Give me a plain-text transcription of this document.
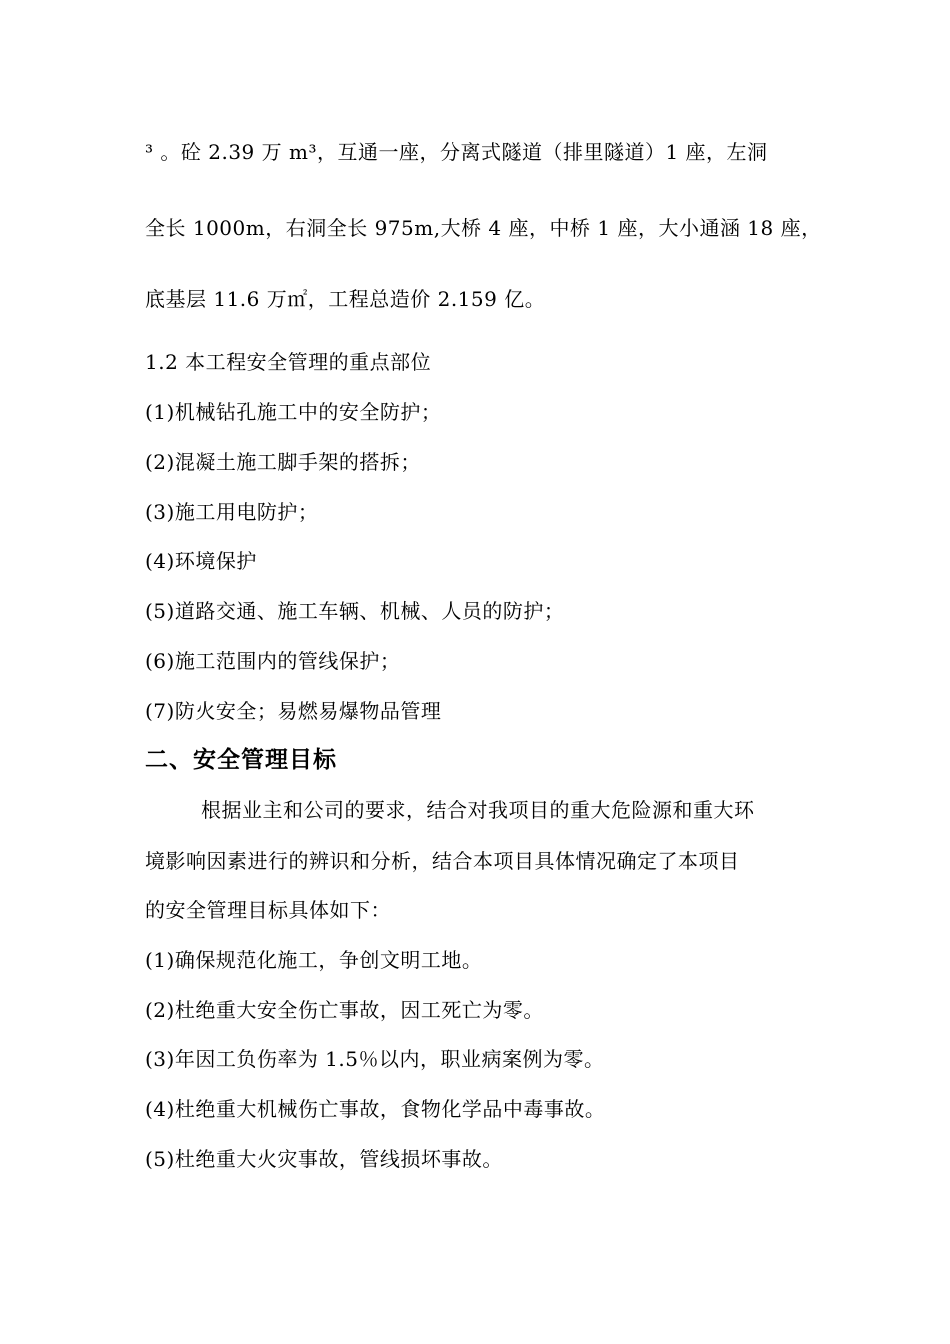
³ 。砼 2.39 万 m³，互通一座，分离式隧道（排里隧道）1 座，左洞
全长 1000m，右洞全长 975m,大桥 4 座，中桥 1 座，大小通涵 18 座，
底基层 11.6 万㎡，工程总造价 2.159 亿。
1.2 本工程安全管理的重点部位
(1)机械钻孔施工中的安全防护；
(2)混凝土施工脚手架的搭拆；
(3)施工用电防护；
(4)环境保护
(5)道路交通、施工车辆、机械、人员的防护；
(6)施工范围内的管线保护；
(7)防火安全；易燃易爆物品管理
二、安全管理目标
根据业主和公司的要求，结合对我项目的重大危险源和重大环
境影响因素进行的辨识和分析，结合本项目具体情况确定了本项目
的安全管理目标具体如下：
(1)确保规范化施工，争创文明工地。
(2)杜绝重大安全伤亡事故，因工死亡为零。
(3)年因工负伤率为 1.5％以内，职业病案例为零。
(4)杜绝重大机械伤亡事故，食物化学品中毒事故。
(5)杜绝重大火灾事故，管线损坏事故。
